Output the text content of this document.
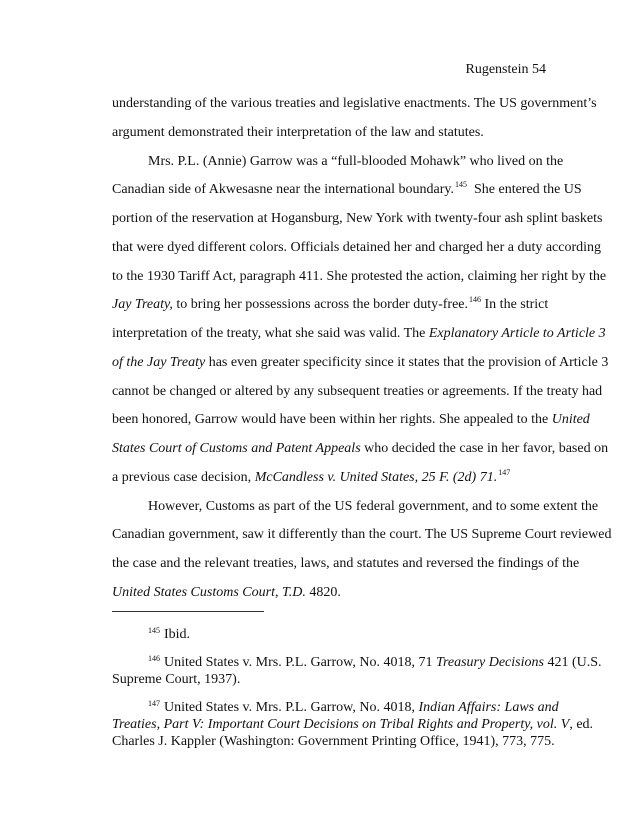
Rugenstein 54
understanding of the various treaties and legislative enactments. The US government’s
argument demonstrated their interpretation of the law and statutes.
Mrs. P.L. (Annie) Garrow was a “full-blooded Mohawk” who lived on the
Canadian side of Akwesasne near the international boundary.$^{145}$  She entered the US
portion of the reservation at Hogansburg, New York with twenty-four ash splint baskets
that were dyed different colors. Officials detained her and charged her a duty according
to the 1930 Tariff Act, paragraph 411. She protested the action, claiming her right by the
Jay Treaty, to bring her possessions across the border duty-free.$^{146}$ In the strict
interpretation of the treaty, what she said was valid. The Explanatory Article to Article 3
of the Jay Treaty has even greater specificity since it states that the provision of Article 3
cannot be changed or altered by any subsequent treaties or agreements. If the treaty had
been honored, Garrow would have been within her rights. She appealed to the United
States Court of Customs and Patent Appeals who decided the case in her favor, based on
a previous case decision, McCandless v. United States, 25 F. (2d) 71.$^{147}$
However, Customs as part of the US federal government, and to some extent the
Canadian government, saw it differently than the court. The US Supreme Court reviewed
the case and the relevant treaties, laws, and statutes and reversed the findings of the
United States Customs Court, T.D. 4820.
$^{145}$ Ibid.
$^{146}$ United States v. Mrs. P.L. Garrow, No. 4018, 71 Treasury Decisions 421 (U.S.
Supreme Court, 1937).
$^{147}$ United States v. Mrs. P.L. Garrow, No. 4018, Indian Affairs: Laws and
Treaties, Part V: Important Court Decisions on Tribal Rights and Property, vol. V, ed.
Charles J. Kappler (Washington: Government Printing Office, 1941), 773, 775.
